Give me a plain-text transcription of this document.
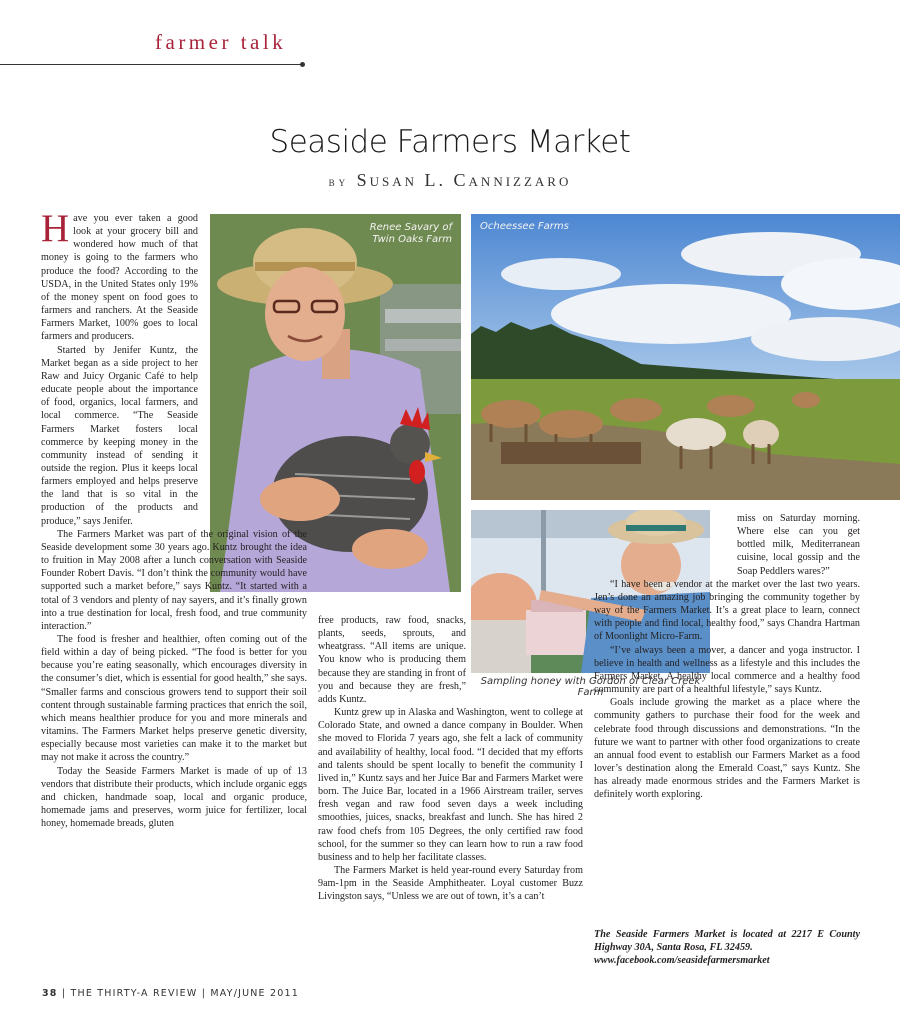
farmer talk
Seaside Farmers Market
by Susan L. Cannizzaro
Renee Savary of
Twin Oaks Farm
Ocheessee Farms
Sampling honey with Gordon of Clear Creek Farm

Have you ever taken a good look at your grocery bill and wondered how much of that money is going to the farmers who produce the food? According to the USDA, in the United States only 19% of the money spent on food goes to farmers and ranchers. At the Seaside Farmers Market, 100% goes to local farmers and producers.

Started by Jenifer Kuntz, the Market began as a side project to her Raw and Juicy Organic Café to help educate people about the importance of food, organics, local farmers, and local commerce. “The Seaside Farmers Market fosters local commerce by keeping money in the community instead of sending it outside the region. Plus it keeps local farmers employed and helps preserve the land that is so vital in the production of the products and produce,” says Jenifer.

The Farmers Market was part of the original vision of the Seaside development some 30 years ago. Kuntz brought the idea to fruition in May 2008 after a lunch conversation with Seaside Founder Robert Davis. “I don’t think the community would have supported such a market before,” says Kuntz. “It started with a total of 3 vendors and plenty of nay sayers, and it’s finally grown into a true destination for local, fresh food, and true community interaction.”

The food is fresher and healthier, often coming out of the field within a day of being picked. “The food is better for you because you’re eating seasonally, which encourages diversity in the consumer’s diet, which is essential for good health,” she says. “Smaller farms and conscious growers tend to support their soil content through sustainable farming practices that enrich the soil, which means healthier produce for you and more minerals and vitamins. The Farmers Market helps preserve genetic diversity, especially because most varieties can make it to the market but may not make it across the country.”

Today the Seaside Farmers Market is made of up of 13 vendors that distribute their products, which include organic eggs and chicken, handmade soap, local and organic produce, homemade jams and preserves, worm juice for fertilizer, local honey, homemade breads, gluten

free products, raw food, snacks, plants, seeds, sprouts, and wheatgrass. “All items are unique. You know who is producing them because they are standing in front of you and because they are fresh,” adds Kuntz.

Kuntz grew up in Alaska and Washington, went to college at Colorado State, and owned a dance company in Boulder. When she moved to Florida 7 years ago, she felt a lack of community and availability of healthy, local food. “I decided that my efforts and talents should be spent locally to benefit the community I lived in,” Kuntz says and her Juice Bar and Farmers Market were born. The Juice Bar, located in a 1966 Airstream trailer, serves fresh vegan and raw food seven days a week including smoothies, juices, snacks, breakfast and lunch. She has hired 2 raw food chefs from 105 Degrees, the only certified raw food school, for the summer so they can learn how to run a raw food business and to help her facilitate classes.

The Farmers Market is held year-round every Saturday from 9am-1pm in the Seaside Amphitheater. Loyal customer Buzz Livingston says, “Unless we are out of town, it’s a can’t

miss on Saturday morning. Where else can you get bottled milk, Mediterranean cuisine, local gossip and the Soap Peddlers wares?”

“I have been a vendor at the market over the last two years. Jen’s done an amazing job bringing the community together by way of the Farmers Market. It’s a great place to learn, connect with people and find local, healthy food,” says Chandra Hartman of Moonlight Micro-Farm.

“I’ve always been a mover, a dancer and yoga instructor. I believe in health and wellness as a lifestyle and this includes the Farmers Market. A healthy local commerce and a healthy food community are part of a healthful lifestyle,” says Kuntz.

Goals include growing the market as a place where the community gathers to purchase their food for the week and celebrate food through discussions and demonstrations. “In the future we want to partner with other food organizations to create an annual food event to establish our Farmers Market as a food lover’s destination along the Emerald Coast,” says Kuntz. She has already made enormous strides and the Farmers Market is definitely worth exploring.

The Seaside Farmers Market is located at 2217 E County Highway 30A, Santa Rosa, FL 32459.
www.facebook.com/seasidefarmersmarket
38 | THE THIRTY-A REVIEW | MAY/JUNE 2011
